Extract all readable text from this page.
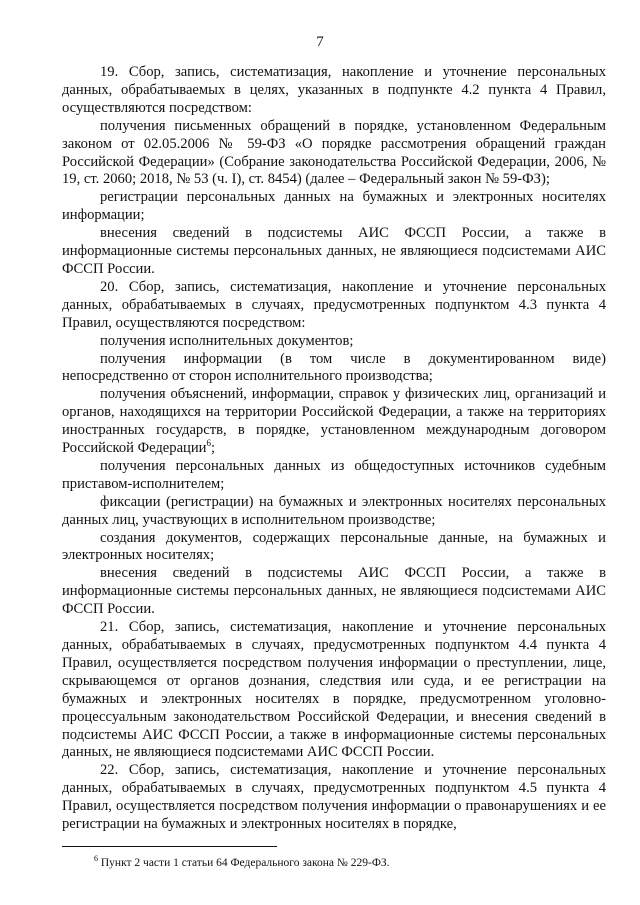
7

19. Сбор, запись, систематизация, накопление и уточнение персональных данных, обрабатываемых в целях, указанных в подпункте 4.2 пункта 4 Правил, осуществляются посредством:

получения письменных обращений в порядке, установленном Федеральным законом от 02.05.2006 № 59-ФЗ «О порядке рассмотрения обращений граждан Российской Федерации» (Собрание законодательства Российской Федерации, 2006, № 19, ст. 2060; 2018, № 53 (ч. I), ст. 8454) (далее – Федеральный закон № 59-ФЗ);

регистрации персональных данных на бумажных и электронных носителях информации;

внесения сведений в подсистемы АИС ФССП России, а также в информационные системы персональных данных, не являющиеся подсистемами АИС ФССП России.

20. Сбор, запись, систематизация, накопление и уточнение персональных данных, обрабатываемых в случаях, предусмотренных подпунктом 4.3 пункта 4 Правил, осуществляются посредством:

получения исполнительных документов;

получения информации (в том числе в документированном виде) непосредственно от сторон исполнительного производства;

получения объяснений, информации, справок у физических лиц, организаций и органов, находящихся на территории Российской Федерации, а также на территориях иностранных государств, в порядке, установленном международным договором Российской Федерации$^6$;

получения персональных данных из общедоступных источников судебным приставом-исполнителем;

фиксации (регистрации) на бумажных и электронных носителях персональных данных лиц, участвующих в исполнительном производстве;

создания документов, содержащих персональные данные, на бумажных и электронных носителях;

внесения сведений в подсистемы АИС ФССП России, а также в информационные системы персональных данных, не являющиеся подсистемами АИС ФССП России.

21. Сбор, запись, систематизация, накопление и уточнение персональных данных, обрабатываемых в случаях, предусмотренных подпунктом 4.4 пункта 4 Правил, осуществляется посредством получения информации о преступлении, лице, скрывающемся от органов дознания, следствия или суда, и ее регистрации на бумажных и электронных носителях в порядке, предусмотренном уголовно-процессуальным законодательством Российской Федерации, и внесения сведений в подсистемы АИС ФССП России, а также в информационные системы персональных данных, не являющиеся подсистемами АИС ФССП России.

22. Сбор, запись, систематизация, накопление и уточнение персональных данных, обрабатываемых в случаях, предусмотренных подпунктом 4.5 пункта 4 Правил, осуществляется посредством получения информации о правонарушениях и ее регистрации на бумажных и электронных носителях в порядке,

$^6$ Пункт 2 части 1 статьи 64 Федерального закона № 229-ФЗ.
